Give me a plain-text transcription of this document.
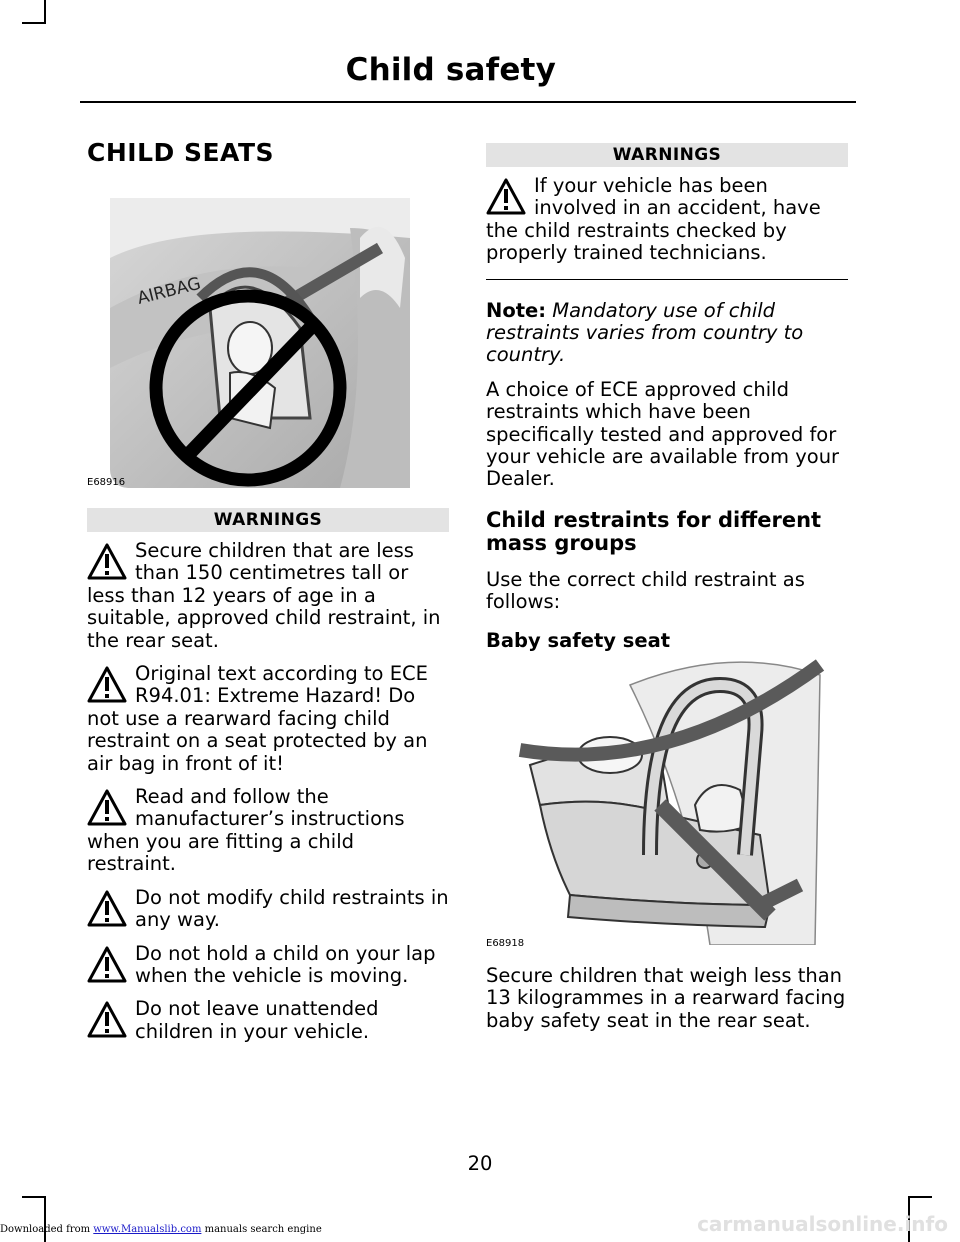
Child safety
CHILD SEATS
AIRBAG
E68916
WARNINGS

Secure children that are less than 150 centimetres tall or less than 12 years of age in a suitable, approved child restraint, in the rear seat.

Original text according to ECE R94.01: Extreme Hazard! Do not use a rearward facing child restraint on a seat protected by an air bag in front of it!

Read and follow the manufacturer’s instructions when you are fitting a child restraint.

Do not modify child restraints in any way.

Do not hold a child on your lap when the vehicle is moving.

Do not leave unattended children in your vehicle.

WARNINGS

If your vehicle has been involved in an accident, have the child restraints checked by properly trained technicians.

Note: Mandatory use of child restraints varies from country to country.

A choice of ECE approved child restraints which have been specifically tested and approved for your vehicle are available from your Dealer.

Child restraints for different mass groups

Use the correct child restraint as follows:

Baby safety seat
E68918

Secure children that weigh less than 13 kilogrammes in a rearward facing baby safety seat in the rear seat.

20
Downloaded from www.Manualslib.com manuals search engine	carmanualsonline.info
